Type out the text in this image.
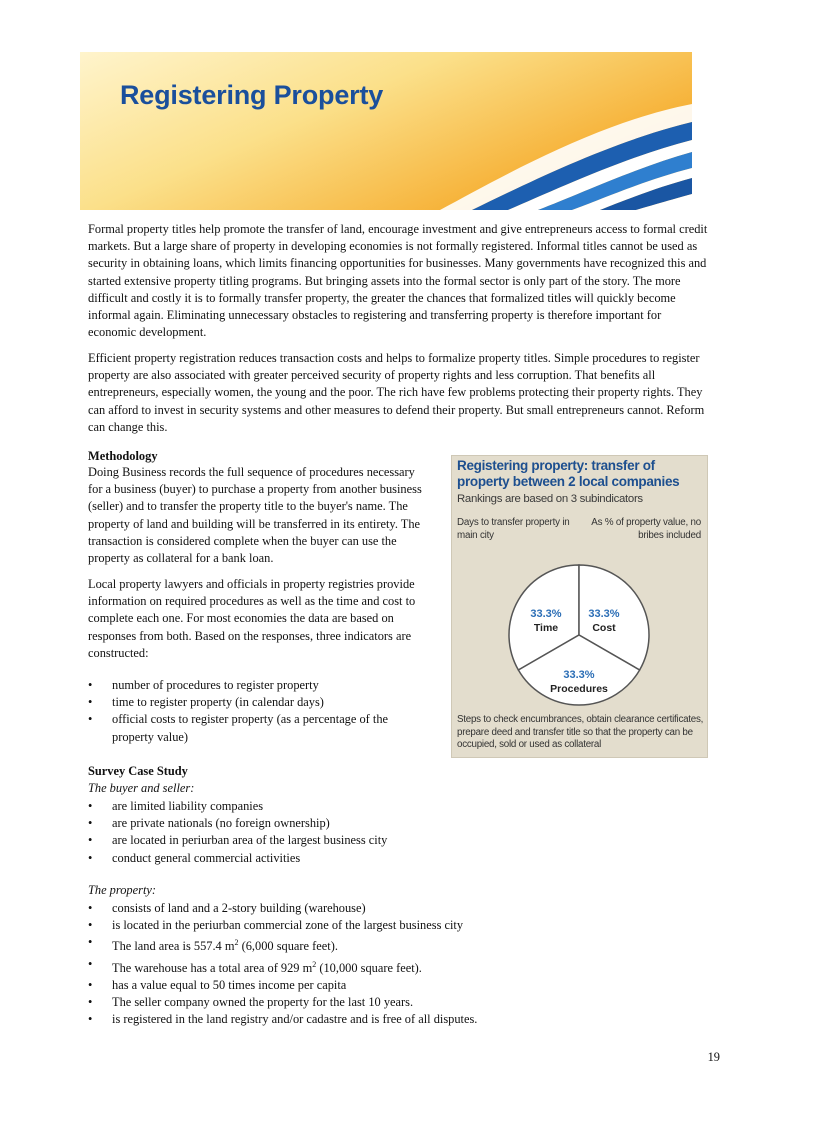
Registering Property

Formal property titles help promote the transfer of land, encourage investment and give entrepreneurs access to formal credit markets. But a large share of property in developing economies is not formally registered. Informal titles cannot be used as security in obtaining loans, which limits financing opportunities for businesses. Many governments have recognized this and started extensive property titling programs. But bringing assets into the formal sector is only part of the story. The more difficult and costly it is to formally transfer property, the greater the chances that formalized titles will quickly become informal again. Eliminating unnecessary obstacles to registering and transferring property is therefore important for economic development.

Efficient property registration reduces transaction costs and helps to formalize property titles. Simple procedures to register property are also associated with greater perceived security of property rights and less corruption. That benefits all entrepreneurs, especially women, the young and the poor. The rich have few problems protecting their property rights. They can afford to invest in security systems and other measures to defend their property. But small entrepreneurs cannot. Reform can change this.

Methodology

Doing Business records the full sequence of procedures necessary for a business (buyer) to purchase a property from another business (seller) and to transfer the property title to the buyer's name. The property of land and building will be transferred in its entirety. The transaction is considered complete when the buyer can use the property as collateral for a bank loan.

Local property lawyers and officials in property registries provide information on required procedures as well as the time and cost to complete each one. For most economies the data are based on responses from both. Based on the responses, three indicators are constructed:

• number of procedures to register property
• time to register property (in calendar days)
• official costs to register property (as a percentage of the property value)
Registering property: transfer of property between 2 local companies
Rankings are based on 3 subindicators
Days to transfer property in main city
As % of property value, no bribes included
33.3%
Time
33.3%
Cost
33.3%
Procedures
Steps to check encumbrances, obtain clearance certificates, prepare deed and transfer title so that the property can be occupied, sold or used as collateral

Survey Case Study

The buyer and seller:

• are limited liability companies
• are private nationals (no foreign ownership)
• are located in periurban area of the largest business city
• conduct general commercial activities

The property:

• consists of land and a 2-story building (warehouse)
• is located in the periurban commercial zone of the largest business city
• The land area is 557.4 $m^2$ (6,000 square feet).
• The warehouse has a total area of 929 $m^2$ (10,000 square feet).
• has a value equal to 50 times income per capita
• The seller company owned the property for the last 10 years.
• is registered in the land registry and/or cadastre and is free of all disputes.
19
